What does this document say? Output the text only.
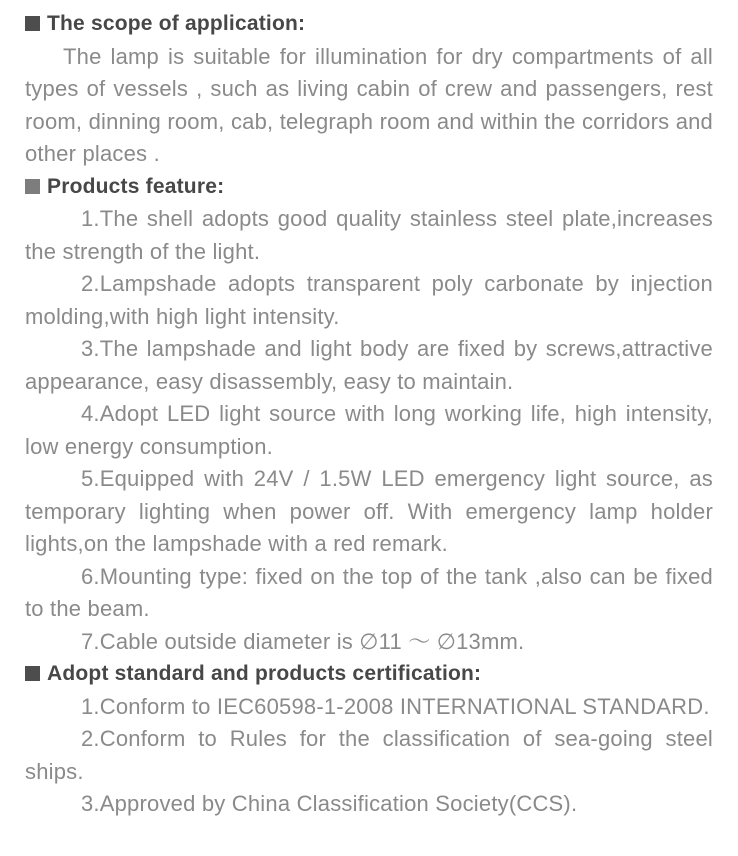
The scope of application:

The lamp is suitable for illumination for dry compartments of all types of vessels , such as living cabin of crew and passengers, rest room, dinning room, cab, telegraph room and within the corridors and other places .

Products feature:

1.The shell adopts good quality stainless steel plate,increases the strength of the light.

2.Lampshade adopts transparent poly carbonate by injection molding,with high light intensity.

3.The lampshade and light body are fixed by screws,attractive appearance, easy disassembly, easy to maintain.

4.Adopt LED light source with long working life, high intensity, low energy consumption.

5.Equipped with 24V / 1.5W LED emergency light source, as temporary lighting when power off. With emergency lamp holder lights,on the lampshade with a red remark.

6.Mounting type: fixed on the top of the tank ,also can be fixed to the beam.

7.Cable outside diameter is ∅11 ～ ∅13mm.

Adopt standard and products certification:

1.Conform to IEC60598-1-2008 INTERNATIONAL STANDARD.

2.Conform to Rules for the classification of sea-going steel ships.

3.Approved by China Classification Society(CCS).
